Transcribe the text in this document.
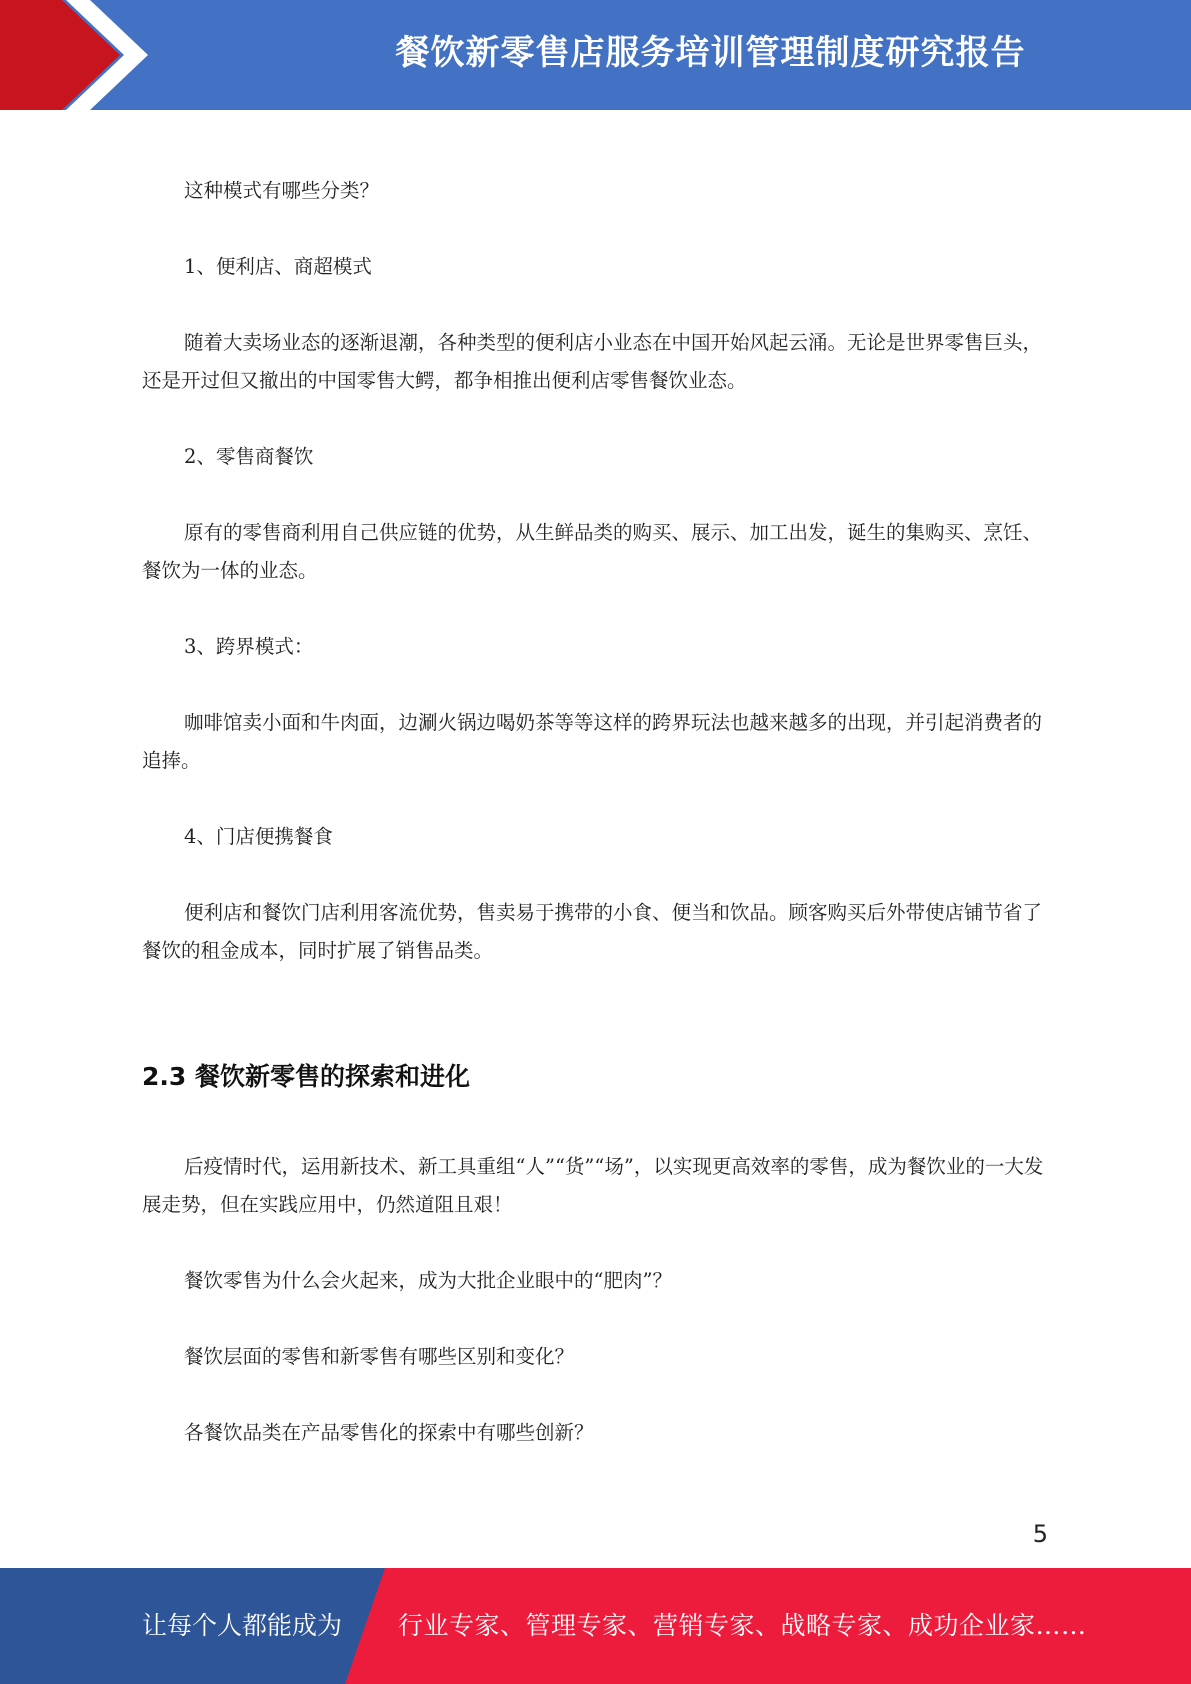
餐饮新零售店服务培训管理制度研究报告

这种模式有哪些分类？

1、便利店、商超模式

随着大卖场业态的逐渐退潮，各种类型的便利店小业态在中国开始风起云涌。无论是世界零售巨头，还是开过但又撤出的中国零售大鳄，都争相推出便利店零售餐饮业态。

2、零售商餐饮

原有的零售商利用自己供应链的优势，从生鲜品类的购买、展示、加工出发，诞生的集购买、烹饪、餐饮为一体的业态。

3、跨界模式：

咖啡馆卖小面和牛肉面，边涮火锅边喝奶茶等等这样的跨界玩法也越来越多的出现，并引起消费者的追捧。

4、门店便携餐食

便利店和餐饮门店利用客流优势，售卖易于携带的小食、便当和饮品。顾客购买后外带使店铺节省了餐饮的租金成本，同时扩展了销售品类。

2.3 餐饮新零售的探索和进化

后疫情时代，运用新技术、新工具重组“人”“货”“场”，以实现更高效率的零售，成为餐饮业的一大发展走势，但在实践应用中，仍然道阻且艰！

餐饮零售为什么会火起来，成为大批企业眼中的“肥肉”？

餐饮层面的零售和新零售有哪些区别和变化？

各餐饮品类在产品零售化的探索中有哪些创新？

5
让每个人都能成为 行业专家、管理专家、营销专家、战略专家、成功企业家……
